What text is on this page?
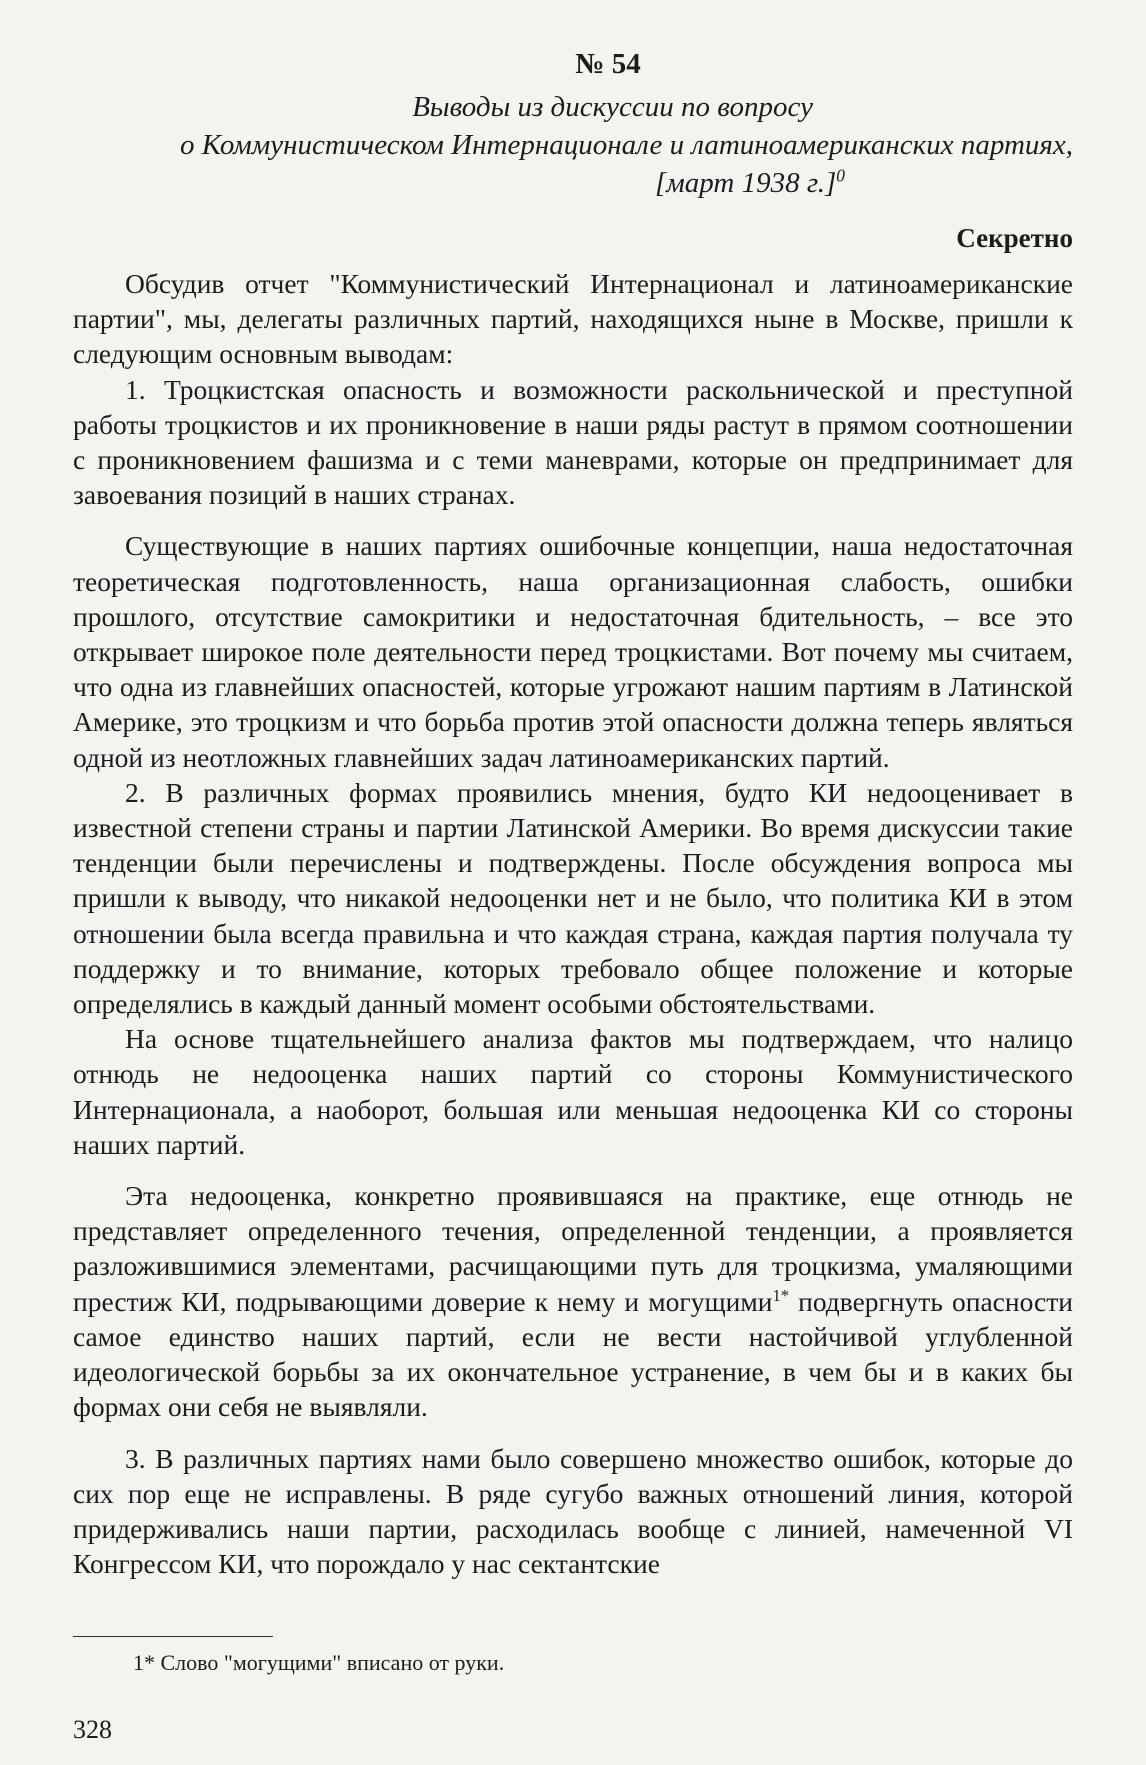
№ 54
Выводы из дискуссии по вопросу
о Коммунистическом Интернационале и латиноамериканских партиях,
[март 1938 г.]$^0$
Секретно

Обсудив отчет "Коммунистический Интернационал и латиноамериканские партии", мы, делегаты различных партий, находящихся ныне в Москве, пришли к следующим основным выводам:

1. Троцкистская опасность и возможности раскольнической и преступной работы троцкистов и их проникновение в наши ряды растут в прямом соотношении с проникновением фашизма и с теми маневрами, которые он предпринимает для завоевания позиций в наших странах.

Существующие в наших партиях ошибочные концепции, наша недостаточная теоретическая подготовленность, наша организационная слабость, ошибки прошлого, отсутствие самокритики и недостаточная бдительность, – все это открывает широкое поле деятельности перед троцкистами. Вот почему мы считаем, что одна из главнейших опасностей, которые угрожают нашим партиям в Латинской Америке, это троцкизм и что борьба против этой опасности должна теперь являться одной из неотложных главнейших задач латиноамериканских партий.

2. В различных формах проявились мнения, будто КИ недооценивает в известной степени страны и партии Латинской Америки. Во время дискуссии такие тенденции были перечислены и подтверждены. После обсуждения вопроса мы пришли к выводу, что никакой недооценки нет и не было, что политика КИ в этом отношении была всегда правильна и что каждая страна, каждая партия получала ту поддержку и то внимание, которых требовало общее положение и которые определялись в каждый данный момент особыми обстоятельствами.

На основе тщательнейшего анализа фактов мы подтверждаем, что налицо отнюдь не недооценка наших партий со стороны Коммунистического Интернационала, а наоборот, большая или меньшая недооценка КИ со стороны наших партий.

Эта недооценка, конкретно проявившаяся на практике, еще отнюдь не представляет определенного течения, определенной тенденции, а проявляется разложившимися элементами, расчищающими путь для троцкизма, умаляющими престиж КИ, подрывающими доверие к нему и могущими$^{1*}$ подвергнуть опасности самое единство наших партий, если не вести настойчивой углубленной идеологической борьбы за их окончательное устранение, в чем бы и в каких бы формах они себя не выявляли.

3. В различных партиях нами было совершено множество ошибок, которые до сих пор еще не исправлены. В ряде сугубо важных отношений линия, которой придерживались наши партии, расходилась вообще с линией, намеченной VI Конгрессом КИ, что порождало у нас сектантские

1* Слово "могущими" вписано от руки.
328
